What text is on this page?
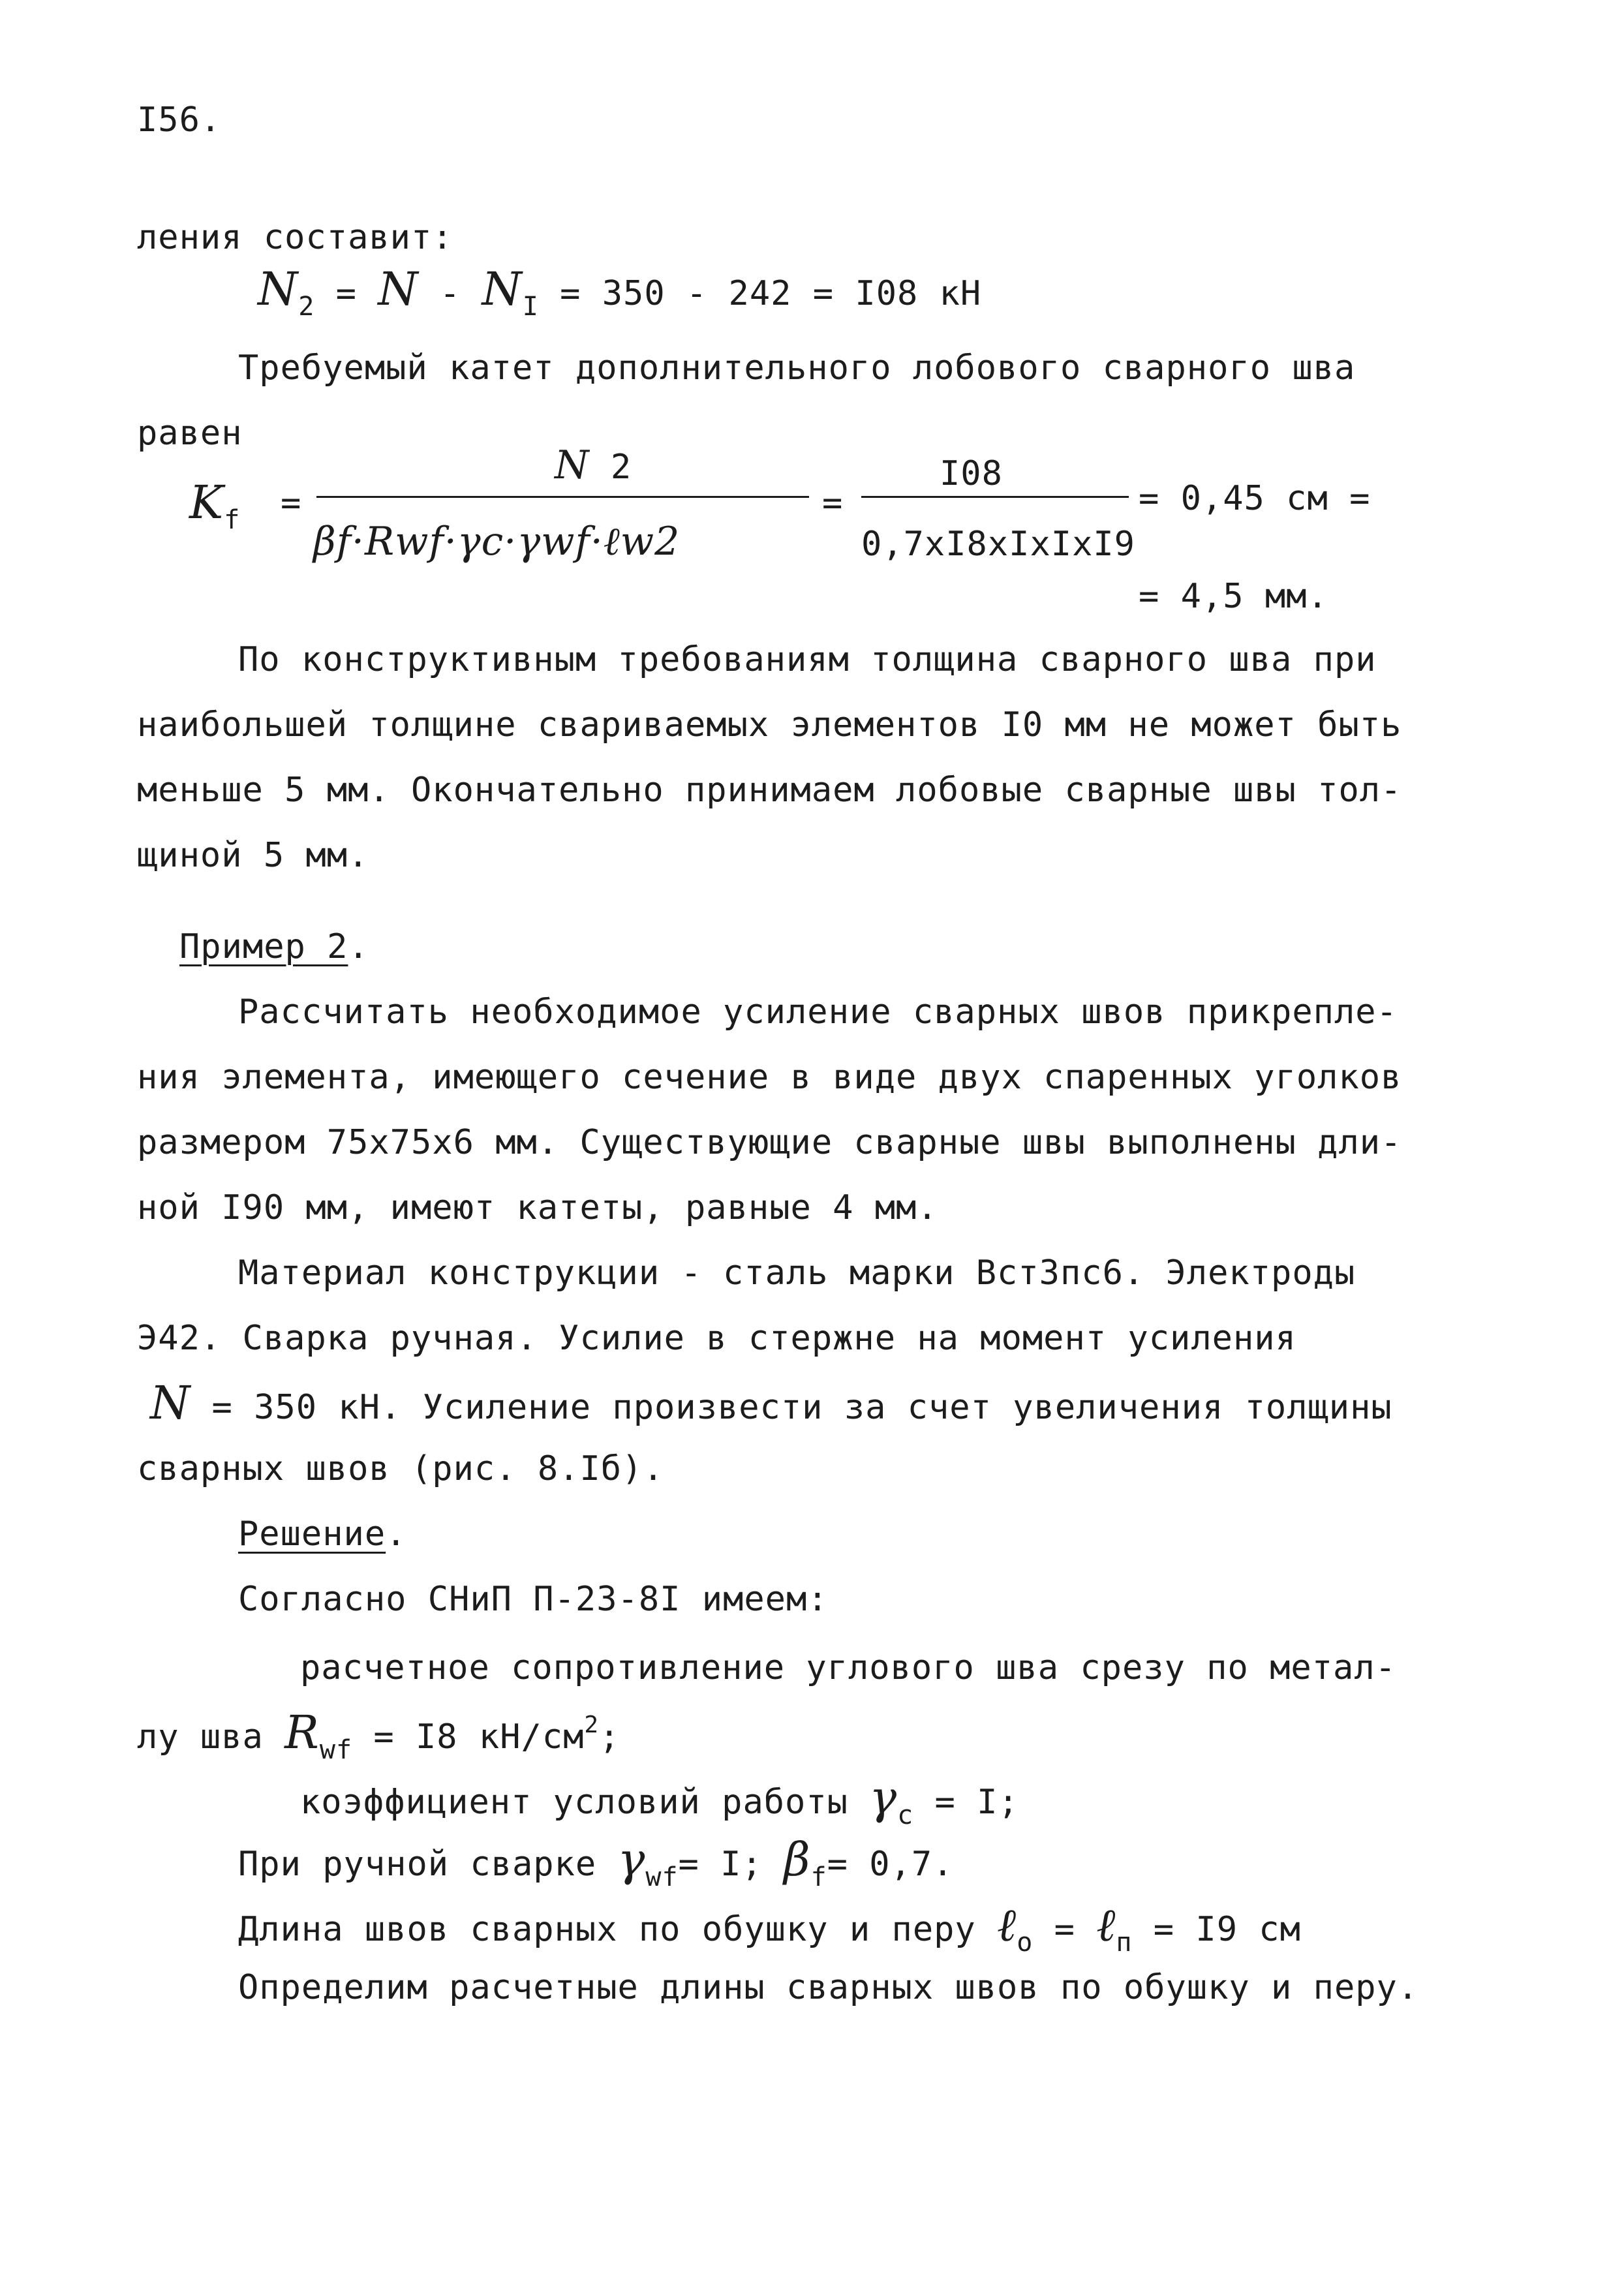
I56.
ления составит:
$N_2 = N - N_I = 350 - 242 = I08$ кН
Требуемый катет дополнительного лобового сварного шва
равен
$K_f$ =
N 2
βf·Rwf·γc·γwf·ℓw2
=
I08
0,7xI8xIxIxI9
= 0,45 см =
= 4,5 мм.
По конструктивным требованиям толщина сварного шва при
наибольшей толщине свариваемых элементов I0 мм не может быть
меньше 5 мм. Окончательно принимаем лобовые сварные швы тол-
щиной 5 мм.
Пример 2.
Рассчитать необходимое усиление сварных швов прикрепле-
ния элемента, имеющего сечение в виде двух спаренных уголков
размером 75х75х6 мм. Существующие сварные швы выполнены дли-
ной I90 мм, имеют катеты, равные 4 мм.
Материал конструкции - сталь марки ВстЗпс6. Электроды
Э42. Сварка ручная. Усилие в стержне на момент усиления
N = 350 кН. Усиление произвести за счет увеличения толщины
сварных швов (рис. 8.Iб).
Решение.
Согласно СНиП П-23-8I имеем:
расчетное сопротивление углового шва срезу по метал-
лу шва $R_{wf} = I8$ $кН/см^2$;
коэффициент условий работы $\gamma_c = I$;
При ручной сварке $\gamma_{wf}= I$; $\beta_f= 0,7$.
Длина швов сварных по обушку и перу ℓ$_o$ = ℓ$_п$ = I9 см
Определим расчетные длины сварных швов по обушку и перу.
